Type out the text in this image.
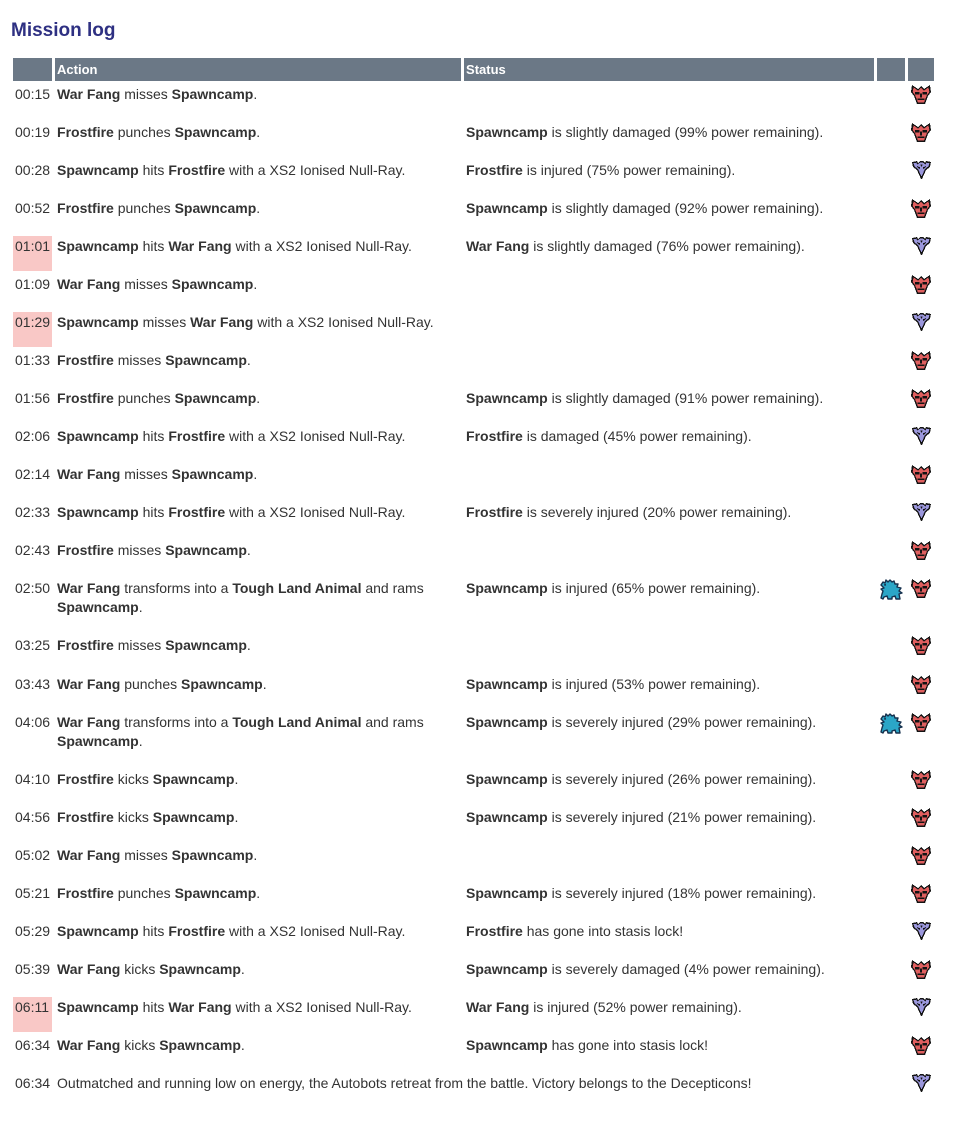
Mission log
	Action	Status		
00:15	War Fang misses Spawncamp.			
00:19	Frostfire punches Spawncamp.	Spawncamp is slightly damaged (99% power remaining).		
00:28	Spawncamp hits Frostfire with a XS2 Ionised Null-Ray.	Frostfire is injured (75% power remaining).		
00:52	Frostfire punches Spawncamp.	Spawncamp is slightly damaged (92% power remaining).		
01:01	Spawncamp hits War Fang with a XS2 Ionised Null-Ray.	War Fang is slightly damaged (76% power remaining).		
01:09	War Fang misses Spawncamp.			
01:29	Spawncamp misses War Fang with a XS2 Ionised Null-Ray.			
01:33	Frostfire misses Spawncamp.			
01:56	Frostfire punches Spawncamp.	Spawncamp is slightly damaged (91% power remaining).		
02:06	Spawncamp hits Frostfire with a XS2 Ionised Null-Ray.	Frostfire is damaged (45% power remaining).		
02:14	War Fang misses Spawncamp.			
02:33	Spawncamp hits Frostfire with a XS2 Ionised Null-Ray.	Frostfire is severely injured (20% power remaining).		
02:43	Frostfire misses Spawncamp.			
02:50	War Fang transforms into a Tough Land Animal and rams Spawncamp.	Spawncamp is injured (65% power remaining).		
03:25	Frostfire misses Spawncamp.			
03:43	War Fang punches Spawncamp.	Spawncamp is injured (53% power remaining).		
04:06	War Fang transforms into a Tough Land Animal and rams Spawncamp.	Spawncamp is severely injured (29% power remaining).		
04:10	Frostfire kicks Spawncamp.	Spawncamp is severely injured (26% power remaining).		
04:56	Frostfire kicks Spawncamp.	Spawncamp is severely injured (21% power remaining).		
05:02	War Fang misses Spawncamp.			
05:21	Frostfire punches Spawncamp.	Spawncamp is severely injured (18% power remaining).		
05:29	Spawncamp hits Frostfire with a XS2 Ionised Null-Ray.	Frostfire has gone into stasis lock!		
05:39	War Fang kicks Spawncamp.	Spawncamp is severely damaged (4% power remaining).		
06:11	Spawncamp hits War Fang with a XS2 Ionised Null-Ray.	War Fang is injured (52% power remaining).		
06:34	War Fang kicks Spawncamp.	Spawncamp has gone into stasis lock!		
06:34	Outmatched and running low on energy, the Autobots retreat from the battle. Victory belongs to the Decepticons!		
